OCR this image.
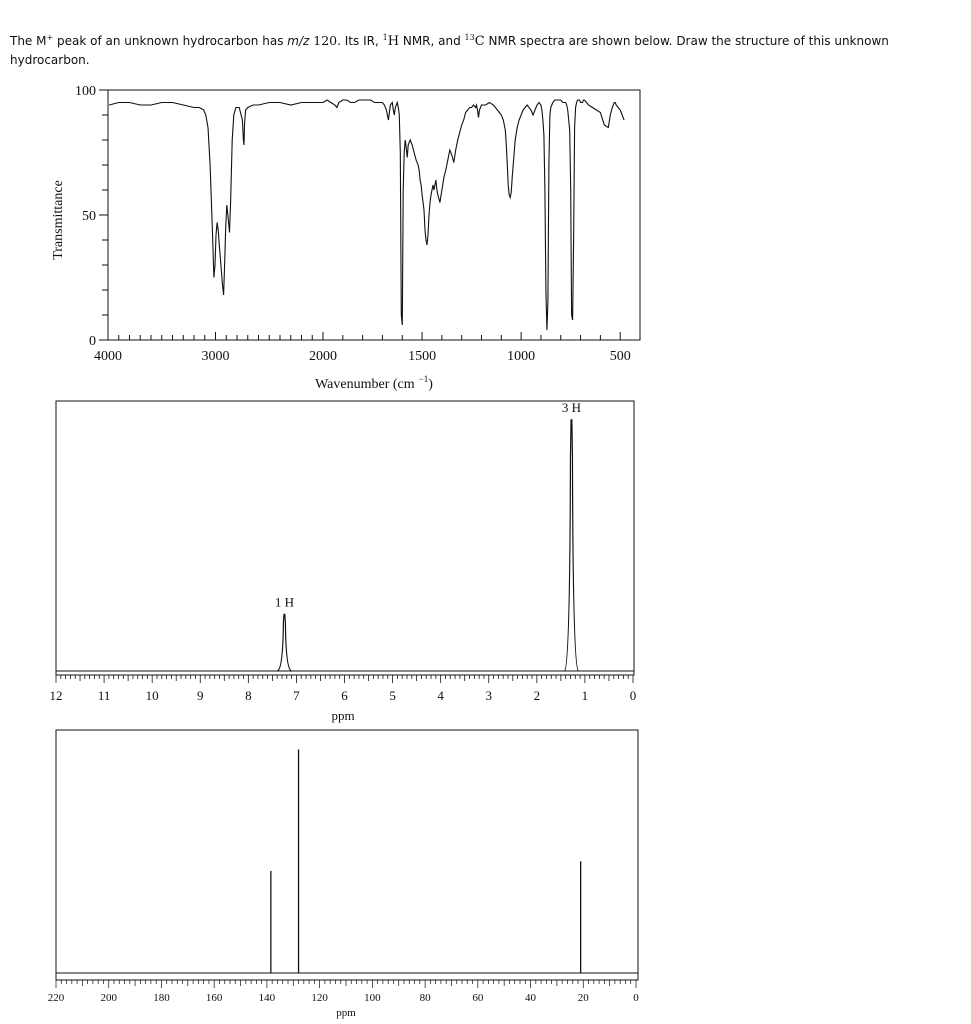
The M+ peak of an unknown hydrocarbon has m/z 120. Its IR, $^1$H NMR, and $^{13}$C NMR spectra are shown below. Draw the structure of this unknown hydrocarbon.
4000	3000	2000	1500	1000	500
100
50
0
Transmittance
Wavenumber (cm $^{-1}$)
12	11	10	9	8	7	6	5	4	3	2	1	0
1 H
3 H
ppm
220	200	180	160	140	120	100	80	60	40	20	0
ppm
